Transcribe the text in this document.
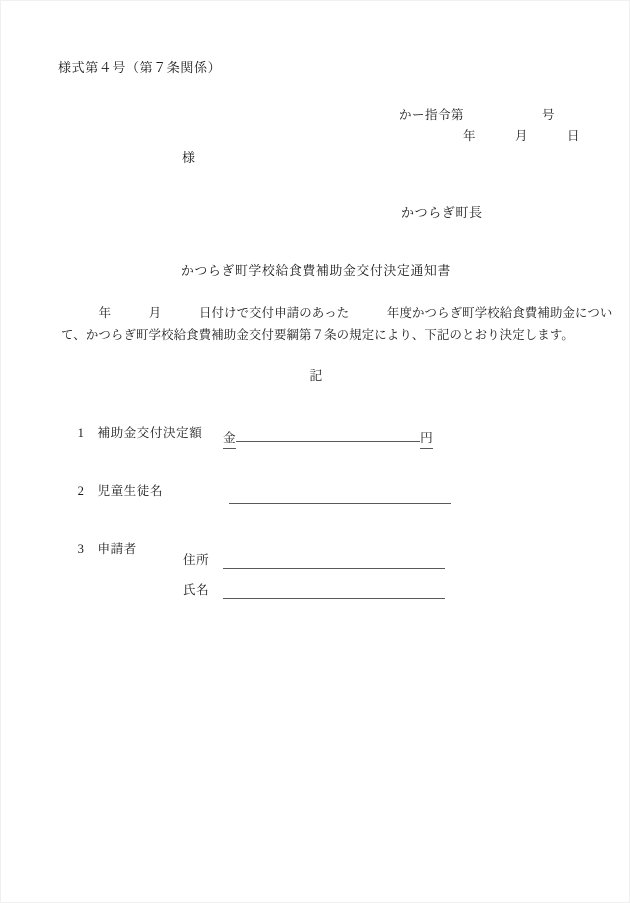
様式第４号（第７条関係）
かー指令第　　　　　　号
年　　　月　　　日
様
かつらぎ町長
かつらぎ町学校給食費補助金交付決定通知書
　　　年　　　月　　　日付けで交付申請のあった　　　年度かつらぎ町学校給食費補助金につい
て、かつらぎ町学校給食費補助金交付要綱第７条の規定により、下記のとおり決定します。
記

1　 補助金交付決定額
金	円

2　 児童生徒名

3　 申請者

住所
氏名
